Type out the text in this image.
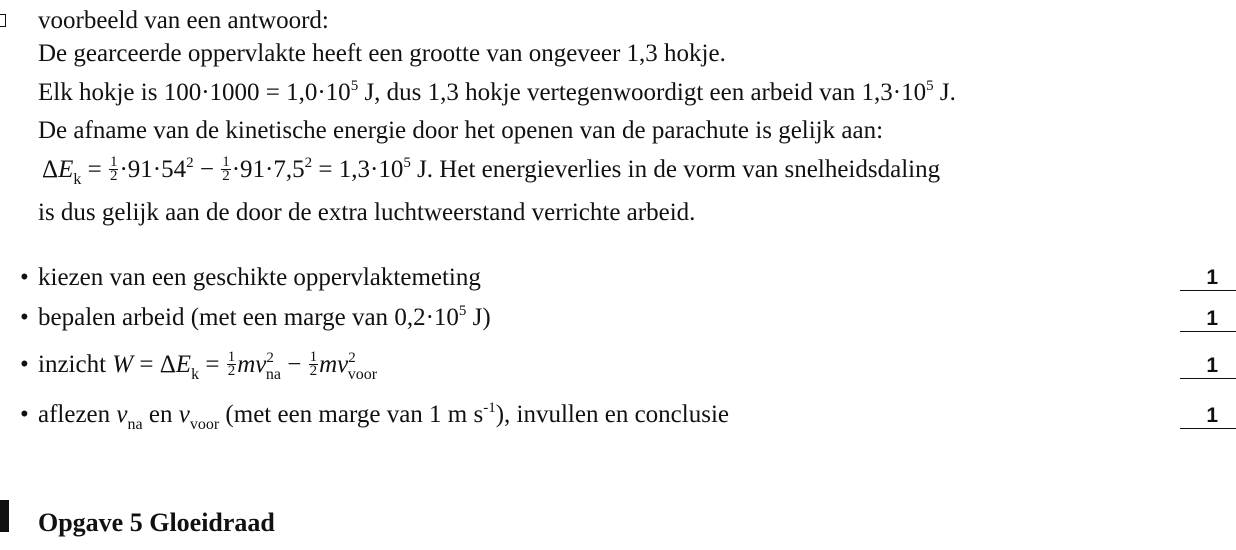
voorbeeld van een antwoord:
De gearceerde oppervlakte heeft een grootte van ongeveer 1,3 hokje.
Elk hokje is $100\cdot 1000 = 1,0\cdot 10^5$ J, dus 1,3 hokje vertegenwoordigt een arbeid van $1,3\cdot 10^5$ J.
De afname van de kinetische energie door het openen van de parachute is gelijk aan:
$\Delta E_k = \frac{1}{2} \cdot 91\cdot 54^2 - \frac{1}{2} \cdot 91\cdot 7,5^2 = 1,3\cdot 10^5$ J. Het energieverlies in de vorm van snelheidsdaling
is dus gelijk aan de door de extra luchtweerstand verrichte arbeid.
• kiezen van een geschikte oppervlaktemeting	1
• bepalen arbeid (met een marge van $0,2\cdot 10^5$ J)	1
• inzicht $W = \Delta E_k = \frac{1}{2} mv^2_{na} - \frac{1}{2} mv^2_{voor}$	1
• aflezen $v_{na}$ en $v_{voor}$ (met een marge van 1 m $s^{-1}$), invullen en conclusie	1
Opgave 5 Gloeidraad
